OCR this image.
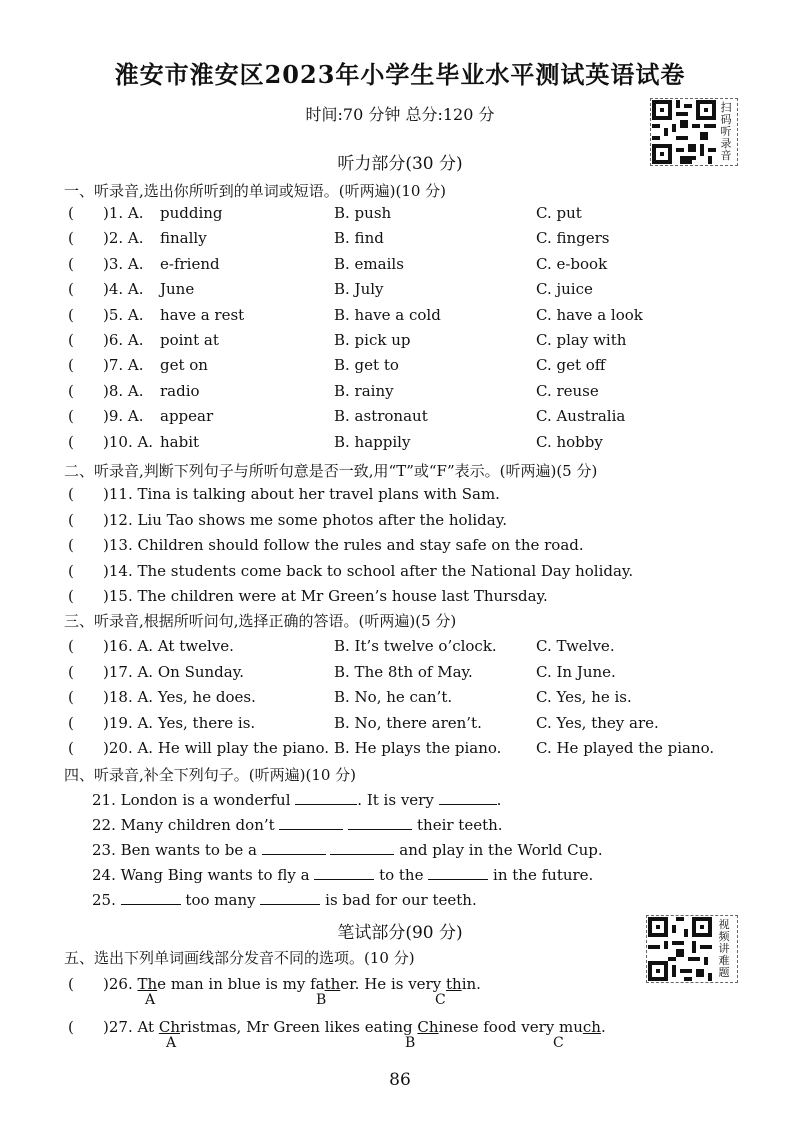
淮安市淮安区2023年小学生毕业水平测试英语试卷
时间:70 分钟 总分:120 分	扫码听录音
听力部分(30 分)
一、听录音,选出你所听到的单词或短语。(听两遍)(10 分)
二、听录音,判断下列句子与所听句意是否一致,用“T”或“F”表示。(听两遍)(5 分)
三、听录音,根据所听问句,选择正确的答语。(听两遍)(5 分)
四、听录音,补全下列句子。(听两遍)(10 分)
21. London is a wonderful	. It is very	.
22. Many children don’t	their teeth.
23. Ben wants to be a	and play in the World Cup.
24. Wang Bing wants to fly a	to the	in the future.
25.	too many	is bad for our teeth.
笔试部分(90 分)	视频讲难题
五、选出下列单词画线部分发音不同的选项。(10 分)
( )26. The man in blue is my father. He is very thin.
A	B	C
( )27. At Christmas, Mr Green likes eating Chinese food very much.
A	B	C
86
( )1. A. pudding	B. push	C. put
( )2. A. finally	B. find	C. fingers
( )3. A. e-friend	B. emails	C. e-book
( )4. A. June	B. July	C. juice
( )5. A. have a rest	B. have a cold	C. have a look
( )6. A. point at	B. pick up	C. play with
( )7. A. get on	B. get to	C. get off
( )8. A. radio	B. rainy	C. reuse
( )9. A. appear	B. astronaut	C. Australia
( )10. A. habit	B. happily	C. hobby
( )11. Tina is talking about her travel plans with Sam.
( )12. Liu Tao shows me some photos after the holiday.
( )13. Children should follow the rules and stay safe on the road.
( )14. The students come back to school after the National Day holiday.
( )15. The children were at Mr Green’s house last Thursday.
( )16. A. At twelve.	B. It’s twelve o’clock.	C. Twelve.
( )17. A. On Sunday.	B. The 8th of May.	C. In June.
( )18. A. Yes, he does.	B. No, he can’t.	C. Yes, he is.
( )19. A. Yes, there is.	B. No, there aren’t.	C. Yes, they are.
( )20. A. He will play the piano. B. He plays the piano. C. He played the piano.
